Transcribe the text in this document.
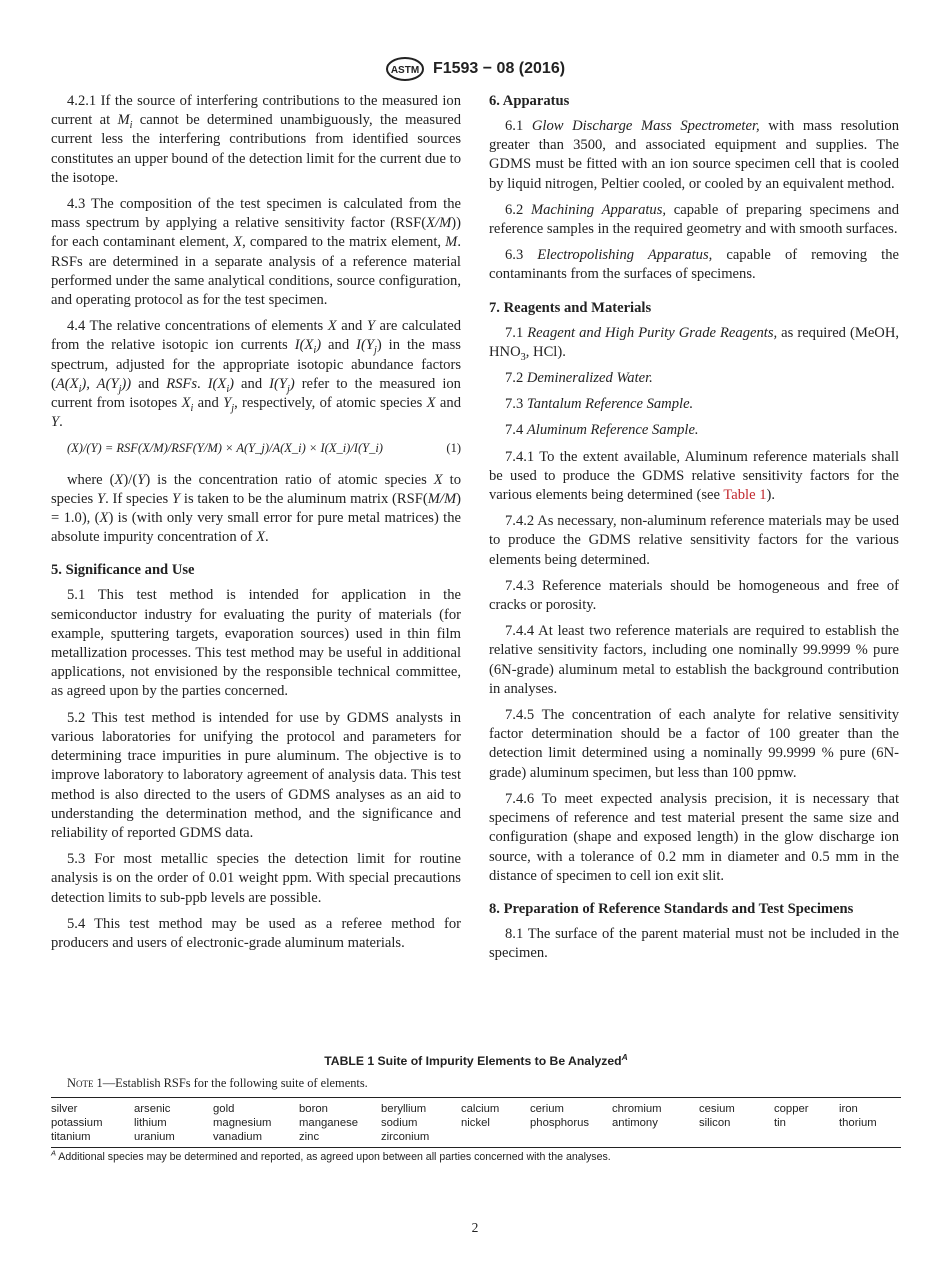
ASTM F1593 − 08 (2016)

4.2.1 If the source of interfering contributions to the measured ion current at $M_i$ cannot be determined unambiguously, the measured current less the interfering contributions from identified sources constitutes an upper bound of the detection limit for the current due to the isotope.

4.3 The composition of the test specimen is calculated from the mass spectrum by applying a relative sensitivity factor (RSF(X/M)) for each contaminant element, X, compared to the matrix element, M. RSFs are determined in a separate analysis of a reference material performed under the same analytical conditions, source configuration, and operating protocol as for the test specimen.

4.4 The relative concentrations of elements X and Y are calculated from the relative isotopic ion currents $I(X_i)$ and $I(Y_j)$ in the mass spectrum, adjusted for the appropriate isotopic abundance factors ($A(X_i)$, $A(Y_j)$) and RSFs. $I(X_i)$ and $I(Y_j)$ refer to the measured ion current from isotopes $X_i$ and $Y_j$, respectively, of atomic species X and Y.

(X)/(Y) = RSF(X/M)/RSF(Y/M) × A(Y_j)/A(X_i) × I(X_i)/I(Y_i)	(1)

where (X)/(Y) is the concentration ratio of atomic species X to species Y. If species Y is taken to be the aluminum matrix (RSF(M/M) = 1.0), (X) is (with only very small error for pure metal matrices) the absolute impurity concentration of X.

5. Significance and Use

5.1 This test method is intended for application in the semiconductor industry for evaluating the purity of materials (for example, sputtering targets, evaporation sources) used in thin film metallization processes. This test method may be useful in additional applications, not envisioned by the responsible technical committee, as agreed upon by the parties concerned.

5.2 This test method is intended for use by GDMS analysts in various laboratories for unifying the protocol and parameters for determining trace impurities in pure aluminum. The objective is to improve laboratory to laboratory agreement of analysis data. This test method is also directed to the users of GDMS analyses as an aid to understanding the determination method, and the significance and reliability of reported GDMS data.

5.3 For most metallic species the detection limit for routine analysis is on the order of 0.01 weight ppm. With special precautions detection limits to sub-ppb levels are possible.

5.4 This test method may be used as a referee method for producers and users of electronic-grade aluminum materials.

6. Apparatus

6.1 Glow Discharge Mass Spectrometer, with mass resolution greater than 3500, and associated equipment and supplies. The GDMS must be fitted with an ion source specimen cell that is cooled by liquid nitrogen, Peltier cooled, or cooled by an equivalent method.

6.2 Machining Apparatus, capable of preparing specimens and reference samples in the required geometry and with smooth surfaces.

6.3 Electropolishing Apparatus, capable of removing the contaminants from the surfaces of specimens.

7. Reagents and Materials

7.1 Reagent and High Purity Grade Reagents, as required (MeOH, $HNO_3$, HCl).

7.2 Demineralized Water.

7.3 Tantalum Reference Sample.

7.4 Aluminum Reference Sample.

7.4.1 To the extent available, Aluminum reference materials shall be used to produce the GDMS relative sensitivity factors for the various elements being determined (see Table 1).

7.4.2 As necessary, non-aluminum reference materials may be used to produce the GDMS relative sensitivity factors for the various elements being determined.

7.4.3 Reference materials should be homogeneous and free of cracks or porosity.

7.4.4 At least two reference materials are required to establish the relative sensitivity factors, including one nominally 99.9999 % pure (6N-grade) aluminum metal to establish the background contribution in analyses.

7.4.5 The concentration of each analyte for relative sensitivity factor determination should be a factor of 100 greater than the detection limit determined using a nominally 99.9999 % pure (6N-grade) aluminum specimen, but less than 100 ppmw.

7.4.6 To meet expected analysis precision, it is necessary that specimens of reference and test material present the same size and configuration (shape and exposed length) in the glow discharge ion source, with a tolerance of 0.2 mm in diameter and 0.5 mm in the distance of specimen to cell ion exit slit.

8. Preparation of Reference Standards and Test Specimens

8.1 The surface of the parent material must not be included in the specimen.

TABLE 1 Suite of Impurity Elements to Be Analyzed$^A$
Note 1—Establish RSFs for the following suite of elements.
silver	arsenic	gold	boron	beryllium	calcium	cerium	chromium	cesium	copper	iron
potassium	lithium	magnesium	manganese	sodium	nickel	phosphorus	antimony	silicon	tin	thorium
titanium	uranium	vanadium	zinc	zirconium
$^A$ Additional species may be determined and reported, as agreed upon between all parties concerned with the analyses.
2
